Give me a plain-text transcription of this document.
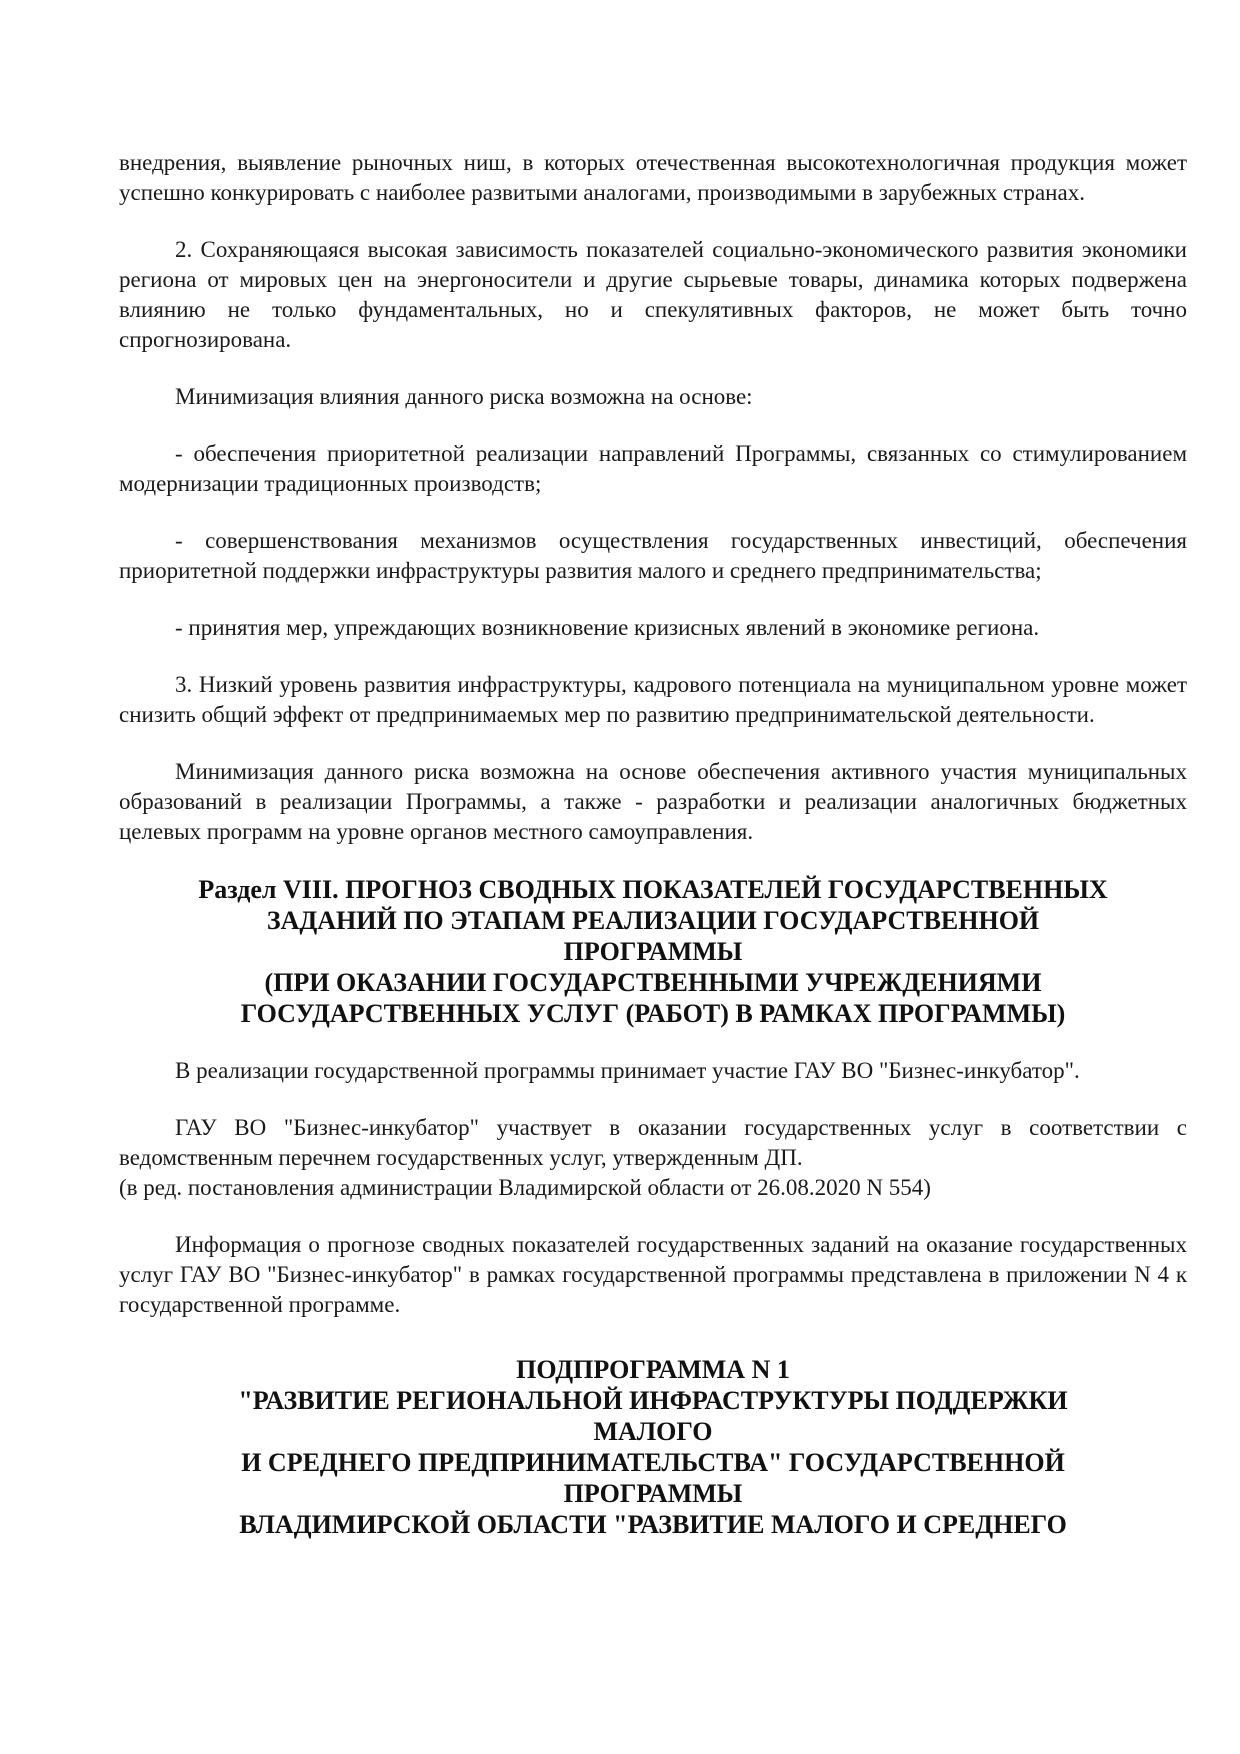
внедрения, выявление рыночных ниш, в которых отечественная высокотехнологичная продукция может успешно конкурировать с наиболее развитыми аналогами, производимыми в зарубежных странах.

2. Сохраняющаяся высокая зависимость показателей социально-экономического развития экономики региона от мировых цен на энергоносители и другие сырьевые товары, динамика которых подвержена влиянию не только фундаментальных, но и спекулятивных факторов, не может быть точно спрогнозирована.

Минимизация влияния данного риска возможна на основе:

- обеспечения приоритетной реализации направлений Программы, связанных со стимулированием модернизации традиционных производств;

- совершенствования механизмов осуществления государственных инвестиций, обеспечения приоритетной поддержки инфраструктуры развития малого и среднего предпринимательства;

- принятия мер, упреждающих возникновение кризисных явлений в экономике региона.

3. Низкий уровень развития инфраструктуры, кадрового потенциала на муниципальном уровне может снизить общий эффект от предпринимаемых мер по развитию предпринимательской деятельности.

Минимизация данного риска возможна на основе обеспечения активного участия муниципальных образований в реализации Программы, а также - разработки и реализации аналогичных бюджетных целевых программ на уровне органов местного самоуправления.

Раздел VIII. ПРОГНОЗ СВОДНЫХ ПОКАЗАТЕЛЕЙ ГОСУДАРСТВЕННЫХ
ЗАДАНИЙ ПО ЭТАПАМ РЕАЛИЗАЦИИ ГОСУДАРСТВЕННОЙ
ПРОГРАММЫ
(ПРИ ОКАЗАНИИ ГОСУДАРСТВЕННЫМИ УЧРЕЖДЕНИЯМИ
ГОСУДАРСТВЕННЫХ УСЛУГ (РАБОТ) В РАМКАХ ПРОГРАММЫ)

В реализации государственной программы принимает участие ГАУ ВО "Бизнес-инкубатор".

ГАУ ВО "Бизнес-инкубатор" участвует в оказании государственных услуг в соответствии с ведомственным перечнем государственных услуг, утвержденным ДП.

(в ред. постановления администрации Владимирской области от 26.08.2020 N 554)

Информация о прогнозе сводных показателей государственных заданий на оказание государственных услуг ГАУ ВО "Бизнес-инкубатор" в рамках государственной программы представлена в приложении N 4 к государственной программе.

ПОДПРОГРАММА N 1
"РАЗВИТИЕ РЕГИОНАЛЬНОЙ ИНФРАСТРУКТУРЫ ПОДДЕРЖКИ
МАЛОГО
И СРЕДНЕГО ПРЕДПРИНИМАТЕЛЬСТВА" ГОСУДАРСТВЕННОЙ
ПРОГРАММЫ
ВЛАДИМИРСКОЙ ОБЛАСТИ "РАЗВИТИЕ МАЛОГО И СРЕДНЕГО
